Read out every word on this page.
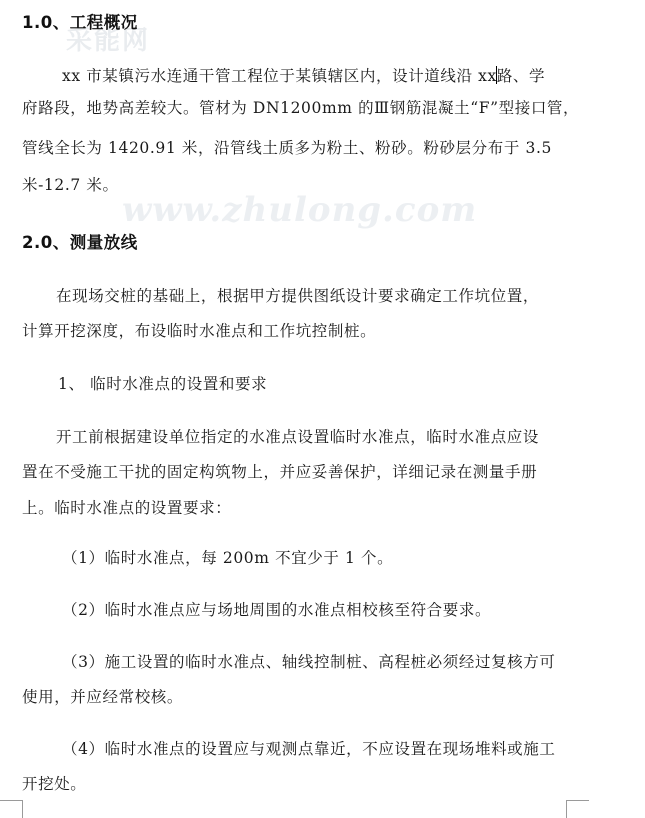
采能网
www.zhulong.com
1.0、工程概况
xx 市某镇污水连通干管工程位于某镇辖区内，设计道线沿 xx路、学
府路段，地势高差较大。管材为 DN1200mm 的Ⅲ钢筋混凝土“F”型接口管，
管线全长为 1420.91 米，沿管线土质多为粉土、粉砂。粉砂层分布于 3.5
米-12.7 米。
2.0、测量放线
在现场交桩的基础上，根据甲方提供图纸设计要求确定工作坑位置，
计算开挖深度，布设临时水准点和工作坑控制桩。
1、 临时水准点的设置和要求
开工前根据建设单位指定的水准点设置临时水准点，临时水准点应设
置在不受施工干扰的固定构筑物上，并应妥善保护，详细记录在测量手册
上。临时水准点的设置要求：
（1）临时水准点，每 200m 不宜少于 1 个。
（2）临时水准点应与场地周围的水准点相校核至符合要求。
（3）施工设置的临时水准点、轴线控制桩、高程桩必须经过复核方可
使用，并应经常校核。
（4）临时水准点的设置应与观测点靠近，不应设置在现场堆料或施工
开挖处。
